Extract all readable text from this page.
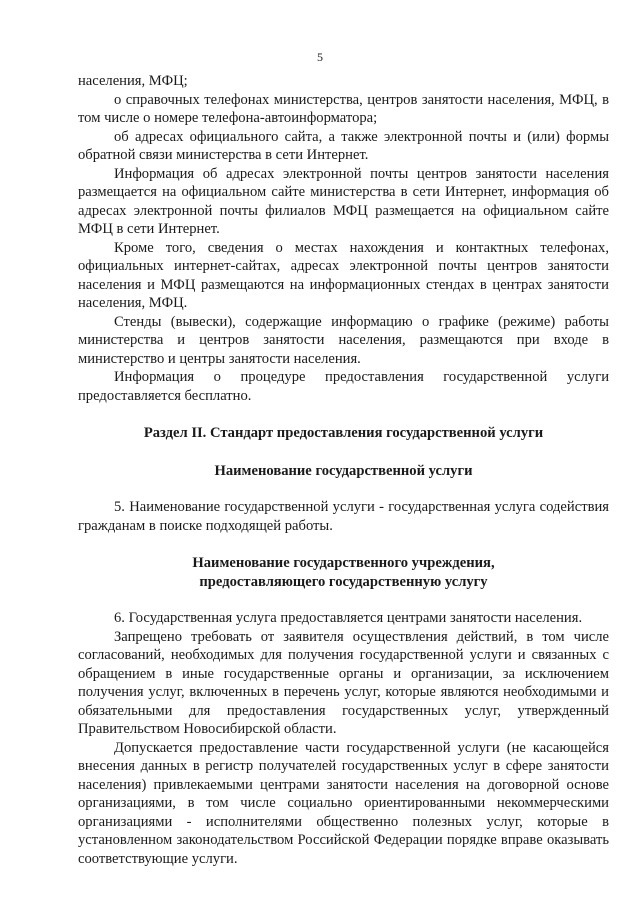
5

населения, МФЦ;

о справочных телефонах министерства, центров занятости населения, МФЦ, в том числе о номере телефона-автоинформатора;

об адресах официального сайта, а также электронной почты и (или) формы обратной связи министерства в сети Интернет.

Информация об адресах электронной почты центров занятости населения размещается на официальном сайте министерства в сети Интернет, информация об адресах электронной почты филиалов МФЦ размещается на официальном сайте МФЦ в сети Интернет.

Кроме того, сведения о местах нахождения и контактных телефонах, официальных интернет-сайтах, адресах электронной почты центров занятости населения и МФЦ размещаются на информационных стендах в центрах занятости населения, МФЦ.

Стенды (вывески), содержащие информацию о графике (режиме) работы министерства и центров занятости населения, размещаются при входе в министерство и центры занятости населения.

Информация о процедуре предоставления государственной услуги предоставляется бесплатно.

Раздел II. Стандарт предоставления государственной услуги

Наименование государственной услуги

5. Наименование государственной услуги - государственная услуга содействия гражданам в поиске подходящей работы.

Наименование государственного учреждения,

предоставляющего государственную услугу

6. Государственная услуга предоставляется центрами занятости населения.

Запрещено требовать от заявителя осуществления действий, в том числе согласований, необходимых для получения государственной услуги и связанных с обращением в иные государственные органы и организации, за исключением получения услуг, включенных в перечень услуг, которые являются необходимыми и обязательными для предоставления государственных услуг, утвержденный Правительством Новосибирской области.

Допускается предоставление части государственной услуги (не касающейся внесения данных в регистр получателей государственных услуг в сфере занятости населения) привлекаемыми центрами занятости населения на договорной основе организациями, в том числе социально ориентированными некоммерческими организациями - исполнителями общественно полезных услуг, которые в установленном законодательством Российской Федерации порядке вправе оказывать соответствующие услуги.
